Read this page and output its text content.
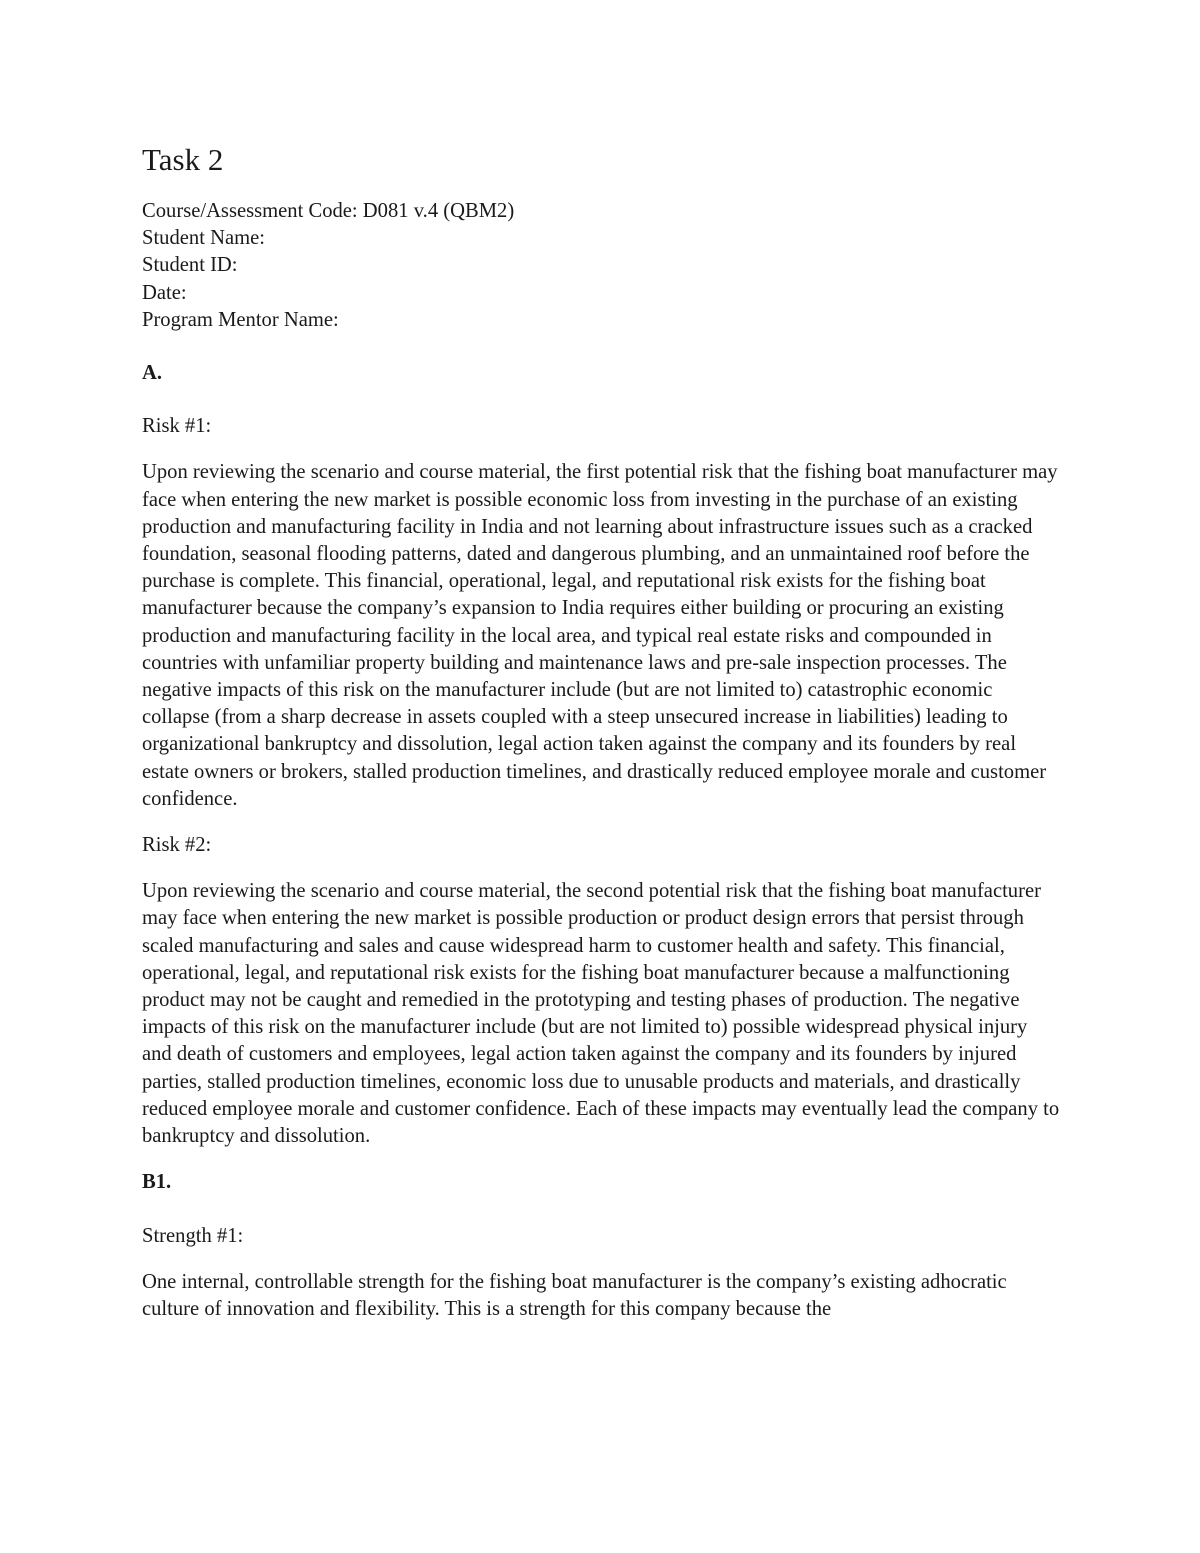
Task 2

Course/Assessment Code: D081 v.4 (QBM2)

Student Name:

Student ID:

Date:

Program Mentor Name:

A.

Risk #1:

Upon reviewing the scenario and course material, the first potential risk that the fishing boat manufacturer may face when entering the new market is possible economic loss from investing in the purchase of an existing production and manufacturing facility in India and not learning about infrastructure issues such as a cracked foundation, seasonal flooding patterns, dated and dangerous plumbing, and an unmaintained roof before the purchase is complete. This financial, operational, legal, and reputational risk exists for the fishing boat manufacturer because the company’s expansion to India requires either building or procuring an existing production and manufacturing facility in the local area, and typical real estate risks and compounded in countries with unfamiliar property building and maintenance laws and pre-sale inspection processes. The negative impacts of this risk on the manufacturer include (but are not limited to) catastrophic economic collapse (from a sharp decrease in assets coupled with a steep unsecured increase in liabilities) leading to organizational bankruptcy and dissolution, legal action taken against the company and its founders by real estate owners or brokers, stalled production timelines, and drastically reduced employee morale and customer confidence.

Risk #2:

Upon reviewing the scenario and course material, the second potential risk that the fishing boat manufacturer may face when entering the new market is possible production or product design errors that persist through scaled manufacturing and sales and cause widespread harm to customer health and safety. This financial, operational, legal, and reputational risk exists for the fishing boat manufacturer because a malfunctioning product may not be caught and remedied in the prototyping and testing phases of production. The negative impacts of this risk on the manufacturer include (but are not limited to) possible widespread physical injury and death of customers and employees, legal action taken against the company and its founders by injured parties, stalled production timelines, economic loss due to unusable products and materials, and drastically reduced employee morale and customer confidence. Each of these impacts may eventually lead the company to bankruptcy and dissolution.

B1.

Strength #1:

One internal, controllable strength for the fishing boat manufacturer is the company’s existing adhocratic culture of innovation and flexibility. This is a strength for this company because the
